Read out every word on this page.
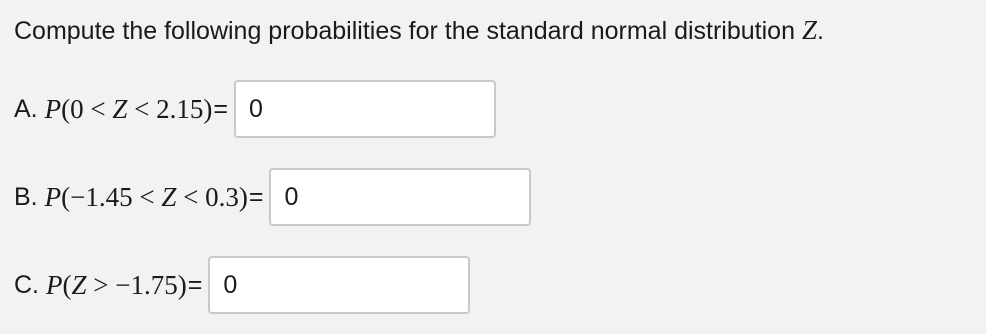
Compute the following probabilities for the standard normal distribution Z.
A. P(0 < Z < 2.15) =
0
B. P(−1.45 < Z < 0.3) =
0
C. P(Z > −1.75) =
0
